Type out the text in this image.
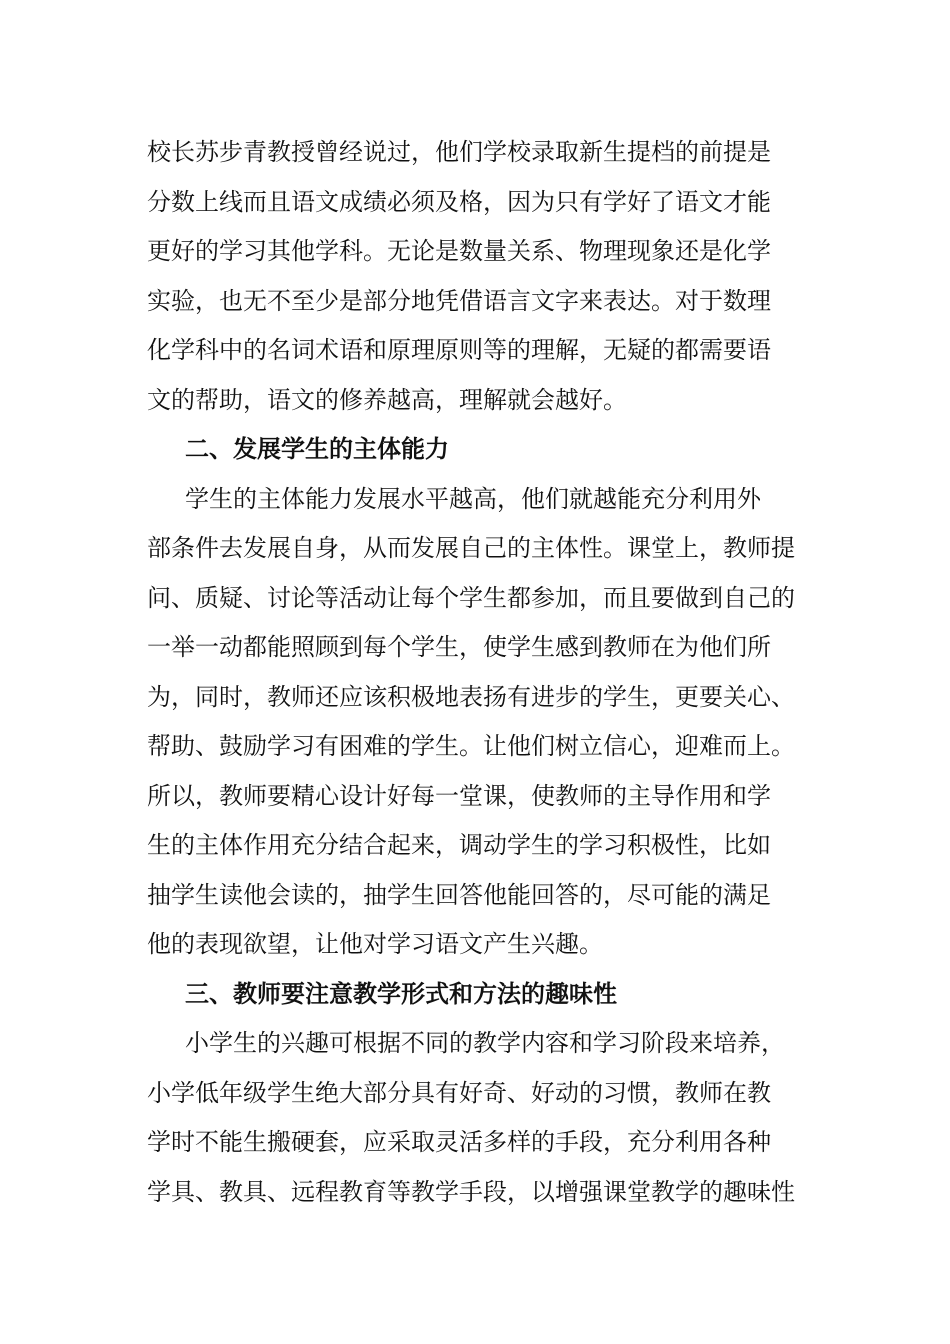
校长苏步青教授曾经说过，他们学校录取新生提档的前提是
分数上线而且语文成绩必须及格，因为只有学好了语文才能
更好的学习其他学科。无论是数量关系、物理现象还是化学
实验，也无不至少是部分地凭借语言文字来表达。对于数理
化学科中的名词术语和原理原则等的理解，无疑的都需要语
文的帮助，语文的修养越高，理解就会越好。
二、发展学生的主体能力
学生的主体能力发展水平越高，他们就越能充分利用外
部条件去发展自身，从而发展自己的主体性。课堂上，教师提
问、质疑、讨论等活动让每个学生都参加，而且要做到自己的
一举一动都能照顾到每个学生，使学生感到教师在为他们所
为，同时，教师还应该积极地表扬有进步的学生，更要关心、
帮助、鼓励学习有困难的学生。让他们树立信心，迎难而上。
所以，教师要精心设计好每一堂课，使教师的主导作用和学
生的主体作用充分结合起来，调动学生的学习积极性，比如
抽学生读他会读的，抽学生回答他能回答的，尽可能的满足
他的表现欲望，让他对学习语文产生兴趣。
三、教师要注意教学形式和方法的趣味性
小学生的兴趣可根据不同的教学内容和学习阶段来培养，
小学低年级学生绝大部分具有好奇、好动的习惯，教师在教
学时不能生搬硬套，应采取灵活多样的手段，充分利用各种
学具、教具、远程教育等教学手段，以增强课堂教学的趣味性
